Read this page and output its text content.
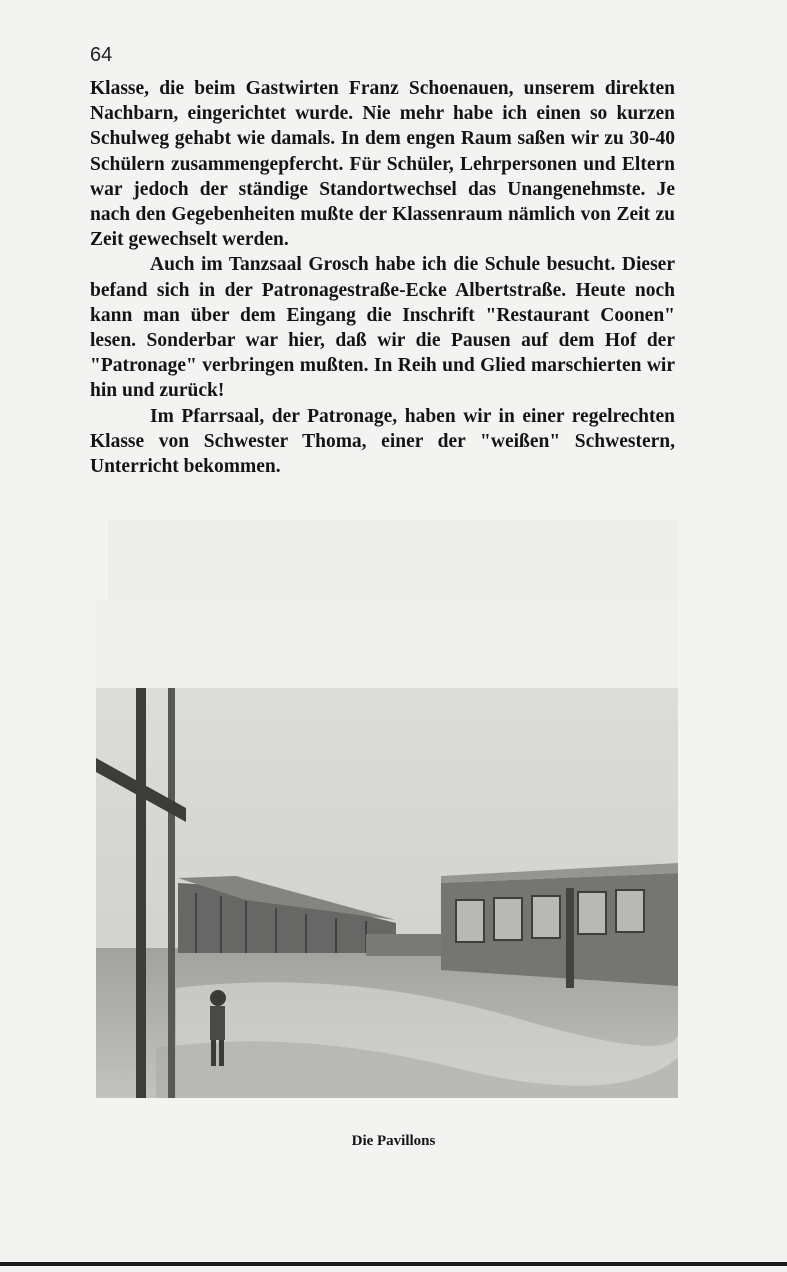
64

Klasse, die beim Gastwirten Franz Schoenauen, unserem direkten Nachbarn, eingerichtet wurde. Nie mehr habe ich einen so kurzen Schulweg gehabt wie damals. In dem engen Raum saßen wir zu 30-40 Schülern zusammengepfercht. Für Schüler, Lehrpersonen und Eltern war jedoch der ständige Standortwechsel das Unangenehmste. Je nach den Gegebenheiten mußte der Klassenraum nämlich von Zeit zu Zeit gewechselt werden.

Auch im Tanzsaal Grosch habe ich die Schule besucht. Dieser befand sich in der Patronagestraße-Ecke Albertstraße. Heute noch kann man über dem Eingang die Inschrift "Restaurant Coonen" lesen. Sonderbar war hier, daß wir die Pausen auf dem Hof der "Patronage" verbringen mußten. In Reih und Glied marschierten wir hin und zurück!

Im Pfarrsaal, der Patronage, haben wir in einer regelrechten Klasse von Schwester Thoma, einer der "weißen" Schwestern, Unterricht bekommen.

Die Pavillons
